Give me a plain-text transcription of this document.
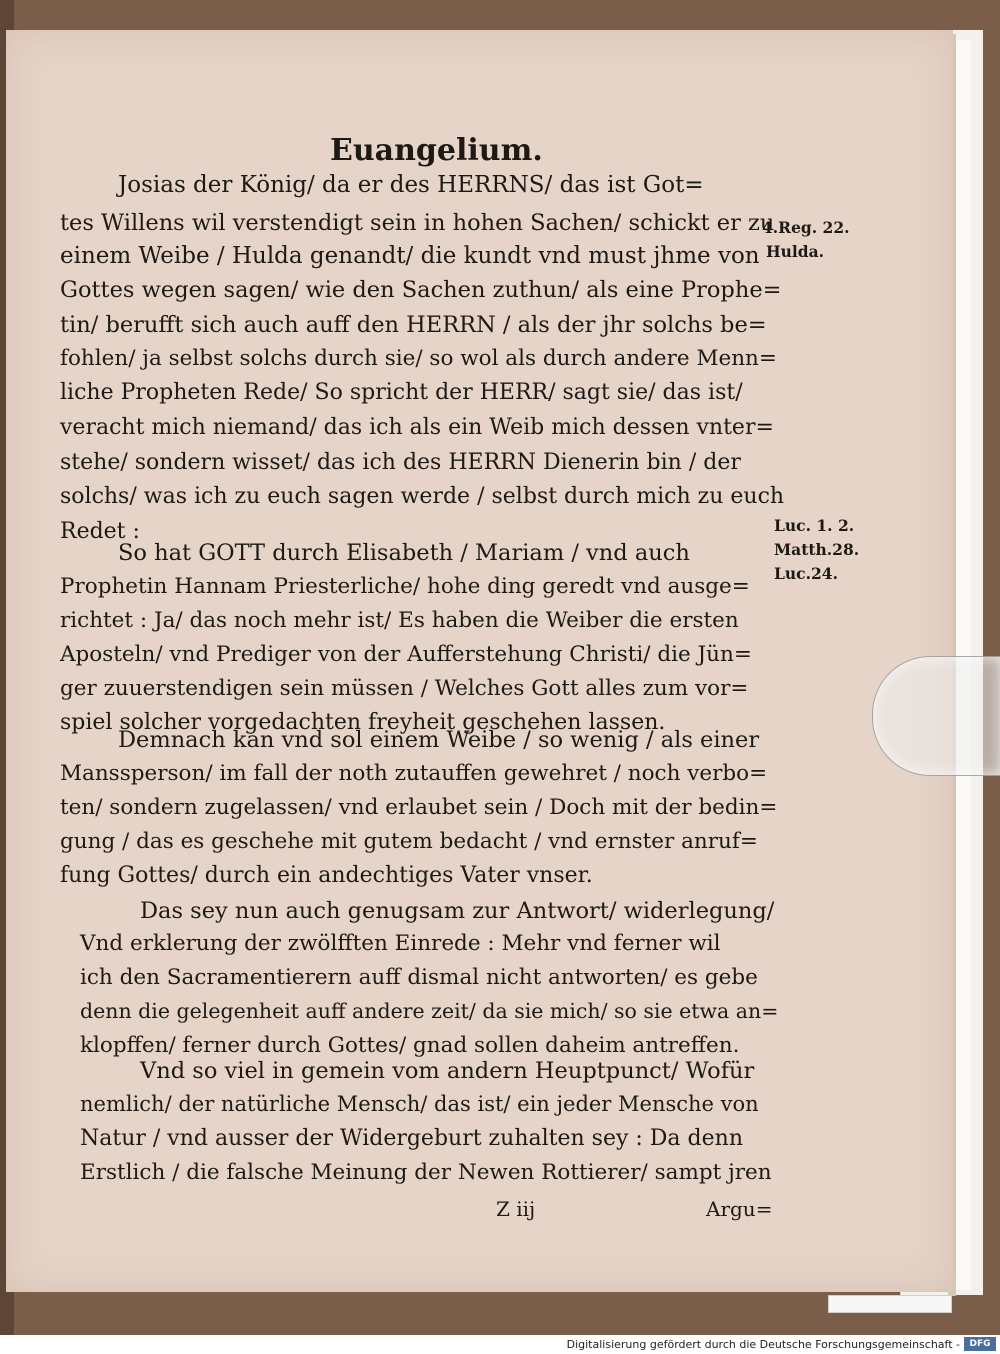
Euangelium.
Josias der König/ da er des HERRNS/ das ist Got=
tes Willens wil verstendigt sein in hohen Sachen/ schickt er zu
einem Weibe / Hulda genandt/ die kundt vnd must jhme von
Gottes wegen sagen/ wie den Sachen zuthun/ als eine Prophe=
tin/ berufft sich auch auff den HERRN / als der jhr solchs be=
fohlen/ ja selbst solchs durch sie/ so wol als durch andere Menn=
liche Propheten Rede/ So spricht der HERR/ sagt sie/ das ist/
veracht mich niemand/ das ich als ein Weib mich dessen vnter=
stehe/ sondern wisset/ das ich des HERRN Dienerin bin / der
solchs/ was ich zu euch sagen werde / selbst durch mich zu euch
Redet :
So hat GOTT durch Elisabeth / Mariam / vnd auch
Prophetin Hannam Priesterliche/ hohe ding geredt vnd ausge=
richtet : Ja/ das noch mehr ist/ Es haben die Weiber die ersten
Aposteln/ vnd Prediger von der Aufferstehung Christi/ die Jün=
ger zuuerstendigen sein müssen / Welches Gott alles zum vor=
spiel solcher vorgedachten freyheit geschehen lassen.
Demnach kan vnd sol einem Weibe / so wenig / als einer
Manssperson/ im fall der noth zutauffen gewehret / noch verbo=
ten/ sondern zugelassen/ vnd erlaubet sein / Doch mit der bedin=
gung / das es geschehe mit gutem bedacht / vnd ernster anruf=
fung Gottes/ durch ein andechtiges Vater vnser.
Das sey nun auch genugsam zur Antwort/ widerlegung/
Vnd erklerung der zwölfften Einrede : Mehr vnd ferner wil
ich den Sacramentierern auff dismal nicht antworten/ es gebe
denn die gelegenheit auff andere zeit/ da sie mich/ so sie etwa an=
klopffen/ ferner durch Gottes/ gnad sollen daheim antreffen.
Vnd so viel in gemein vom andern Heuptpunct/ Wofür
nemlich/ der natürliche Mensch/ das ist/ ein jeder Mensche von
Natur / vnd ausser der Widergeburt zuhalten sey : Da denn
Erstlich / die falsche Meinung der Newen Rottierer/ sampt jren
Z iij	Argu=
4.Reg. 22.
Hulda.
Luc. 1. 2.
Matth.28.
Luc.24.
Digitalisierung gefördert durch die Deutsche Forschungsgemeinschaft -	DFG
